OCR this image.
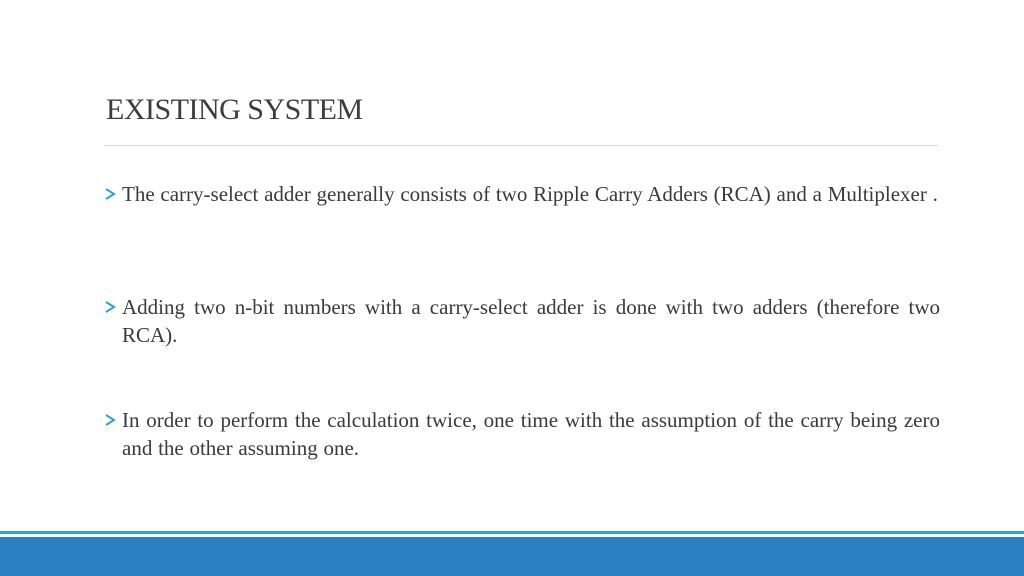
EXISTING SYSTEM
The carry-select adder generally consists of two Ripple Carry Adders (RCA) and a Multiplexer .
Adding two n-bit numbers with a carry-select adder is done with two adders (therefore two RCA).
In order to perform the calculation twice, one time with the assumption of the carry being zero and the other assuming one.
